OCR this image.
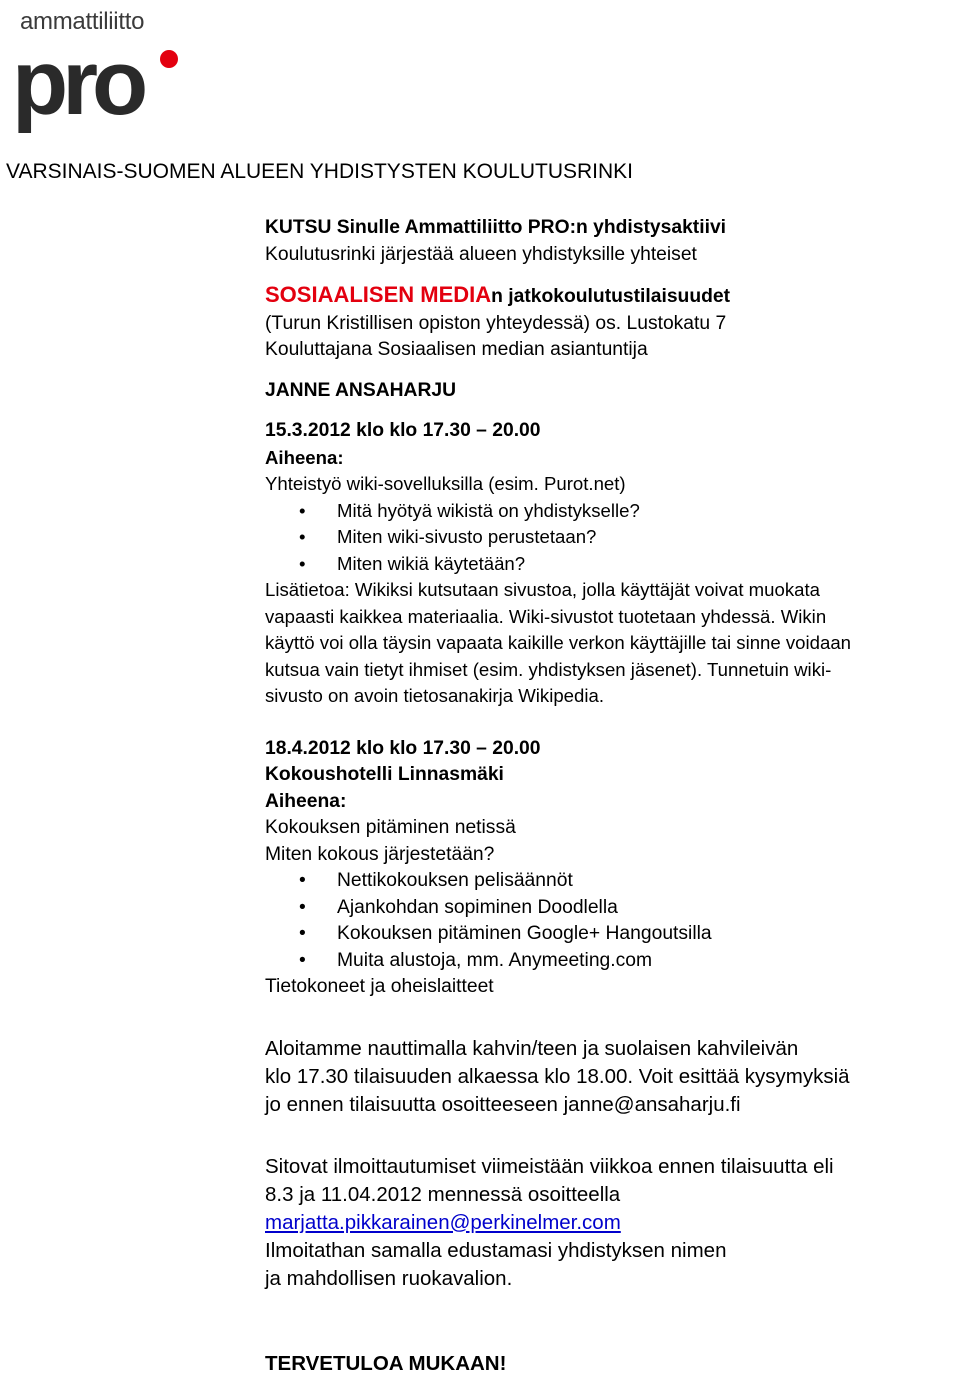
ammattiliitto
pro
VARSINAIS-SUOMEN ALUEEN YHDISTYSTEN KOULUTUSRINKI

KUTSU Sinulle Ammattiliitto PRO:n yhdistysaktiivi

Koulutusrinki järjestää alueen yhdistyksille yhteiset

SOSIAALISEN MEDIAn jatkokoulutustilaisuudet

(Turun Kristillisen opiston yhteydessä) os. Lustokatu 7

Kouluttajana Sosiaalisen median asiantuntija

JANNE ANSAHARJU

15.3.2012 klo klo 17.30 – 20.00

Aiheena:

Yhteistyö wiki-sovelluksilla (esim. Purot.net)

• Mitä hyötyä wikistä on yhdistykselle?
• Miten wiki-sivusto perustetaan?
• Miten wikiä käytetään?

Lisätietoa: Wikiksi kutsutaan sivustoa, jolla käyttäjät voivat muokata

vapaasti kaikkea materiaalia. Wiki-sivustot tuotetaan yhdessä. Wikin

käyttö voi olla täysin vapaata kaikille verkon käyttäjille tai sinne voidaan

kutsua vain tietyt ihmiset (esim. yhdistyksen jäsenet). Tunnetuin wiki-

sivusto on avoin tietosanakirja Wikipedia.

18.4.2012 klo klo 17.30 – 20.00

Kokoushotelli Linnasmäki

Aiheena:

Kokouksen pitäminen netissä

Miten kokous järjestetään?

• Nettikokouksen pelisäännöt
• Ajankohdan sopiminen Doodlella
• Kokouksen pitäminen Google+ Hangoutsilla
• Muita alustoja, mm. Anymeeting.com

Tietokoneet ja oheislaitteet

Aloitamme nauttimalla kahvin/teen ja suolaisen kahvileivän

klo 17.30 tilaisuuden alkaessa klo 18.00. Voit esittää kysymyksiä

jo ennen tilaisuutta osoitteeseen janne@ansaharju.fi

Sitovat ilmoittautumiset viimeistään viikkoa ennen tilaisuutta eli

8.3 ja 11.04.2012 mennessä osoitteella

marjatta.pikkarainen@perkinelmer.com

Ilmoitathan samalla edustamasi yhdistyksen nimen

ja mahdollisen ruokavalion.

TERVETULOA MUKAAN!
